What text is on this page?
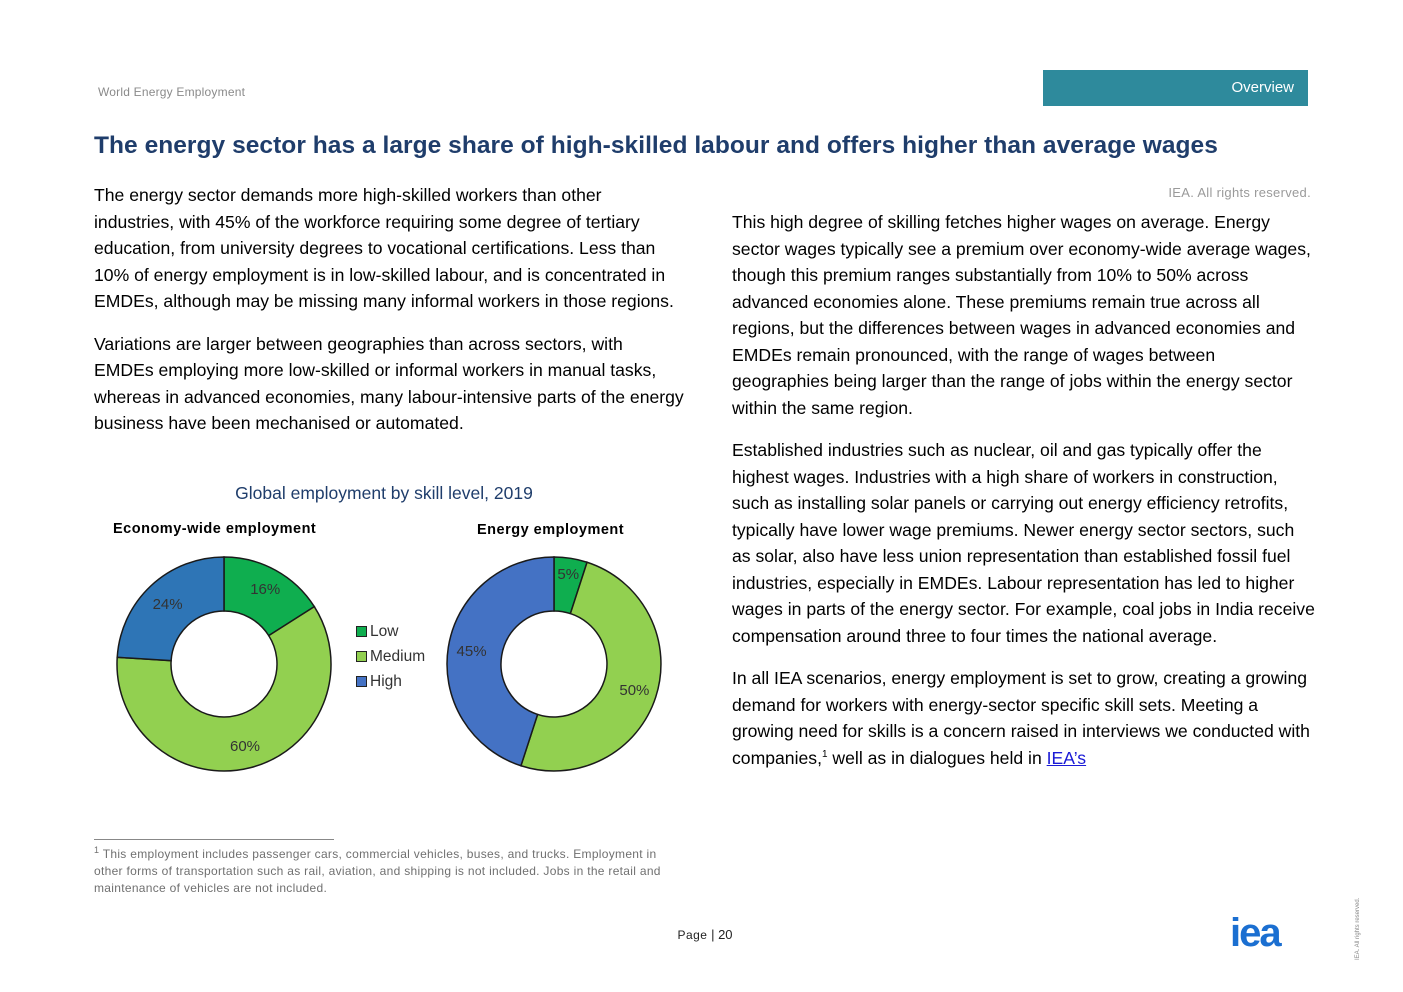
World Energy Employment	Overview
The energy sector has a large share of high-skilled labour and offers higher than average wages

The energy sector demands more high-skilled workers than other industries, with 45% of the workforce requiring some degree of tertiary education, from university degrees to vocational certifications. Less than 10% of energy employment is in low-skilled labour, and is concentrated in EMDEs, although may be missing many informal workers in those regions.

Variations are larger between geographies than across sectors, with EMDEs employing more low-skilled or informal workers in manual tasks, whereas in advanced economies, many labour-intensive parts of the energy business have been mechanised or automated.

IEA. All rights reserved.

This high degree of skilling fetches higher wages on average. Energy sector wages typically see a premium over economy-wide average wages, though this premium ranges substantially from 10% to 50% across advanced economies alone. These premiums remain true across all regions, but the differences between wages in advanced economies and EMDEs remain pronounced, with the range of wages between geographies being larger than the range of jobs within the energy sector within the same region.

Established industries such as nuclear, oil and gas typically offer the highest wages. Industries with a high share of workers in construction, such as installing solar panels or carrying out energy efficiency retrofits, typically have lower wage premiums. Newer energy sector sectors, such as solar, also have less union representation than established fossil fuel industries, especially in EMDEs. Labour representation has led to higher wages in parts of the energy sector. For example, coal jobs in India receive compensation around three to four times the national average.

In all IEA scenarios, energy employment is set to grow, creating a growing demand for workers with energy-sector specific skill sets. Meeting a growing need for skills is a concern raised in interviews we conducted with companies,$^1$ well as in dialogues held in IEA’s

Global employment by skill level, 2019
Economy-wide employment	Energy employment
16%
60%
24%
5%
50%
45%
Low
Medium
High
$^1$ This employment includes passenger cars, commercial vehicles, buses, and trucks. Employment in other forms of transportation such as rail, aviation, and shipping is not included. Jobs in the retail and maintenance of vehicles are not included.
Page | 20	iea	IEA. All rights reserved.
